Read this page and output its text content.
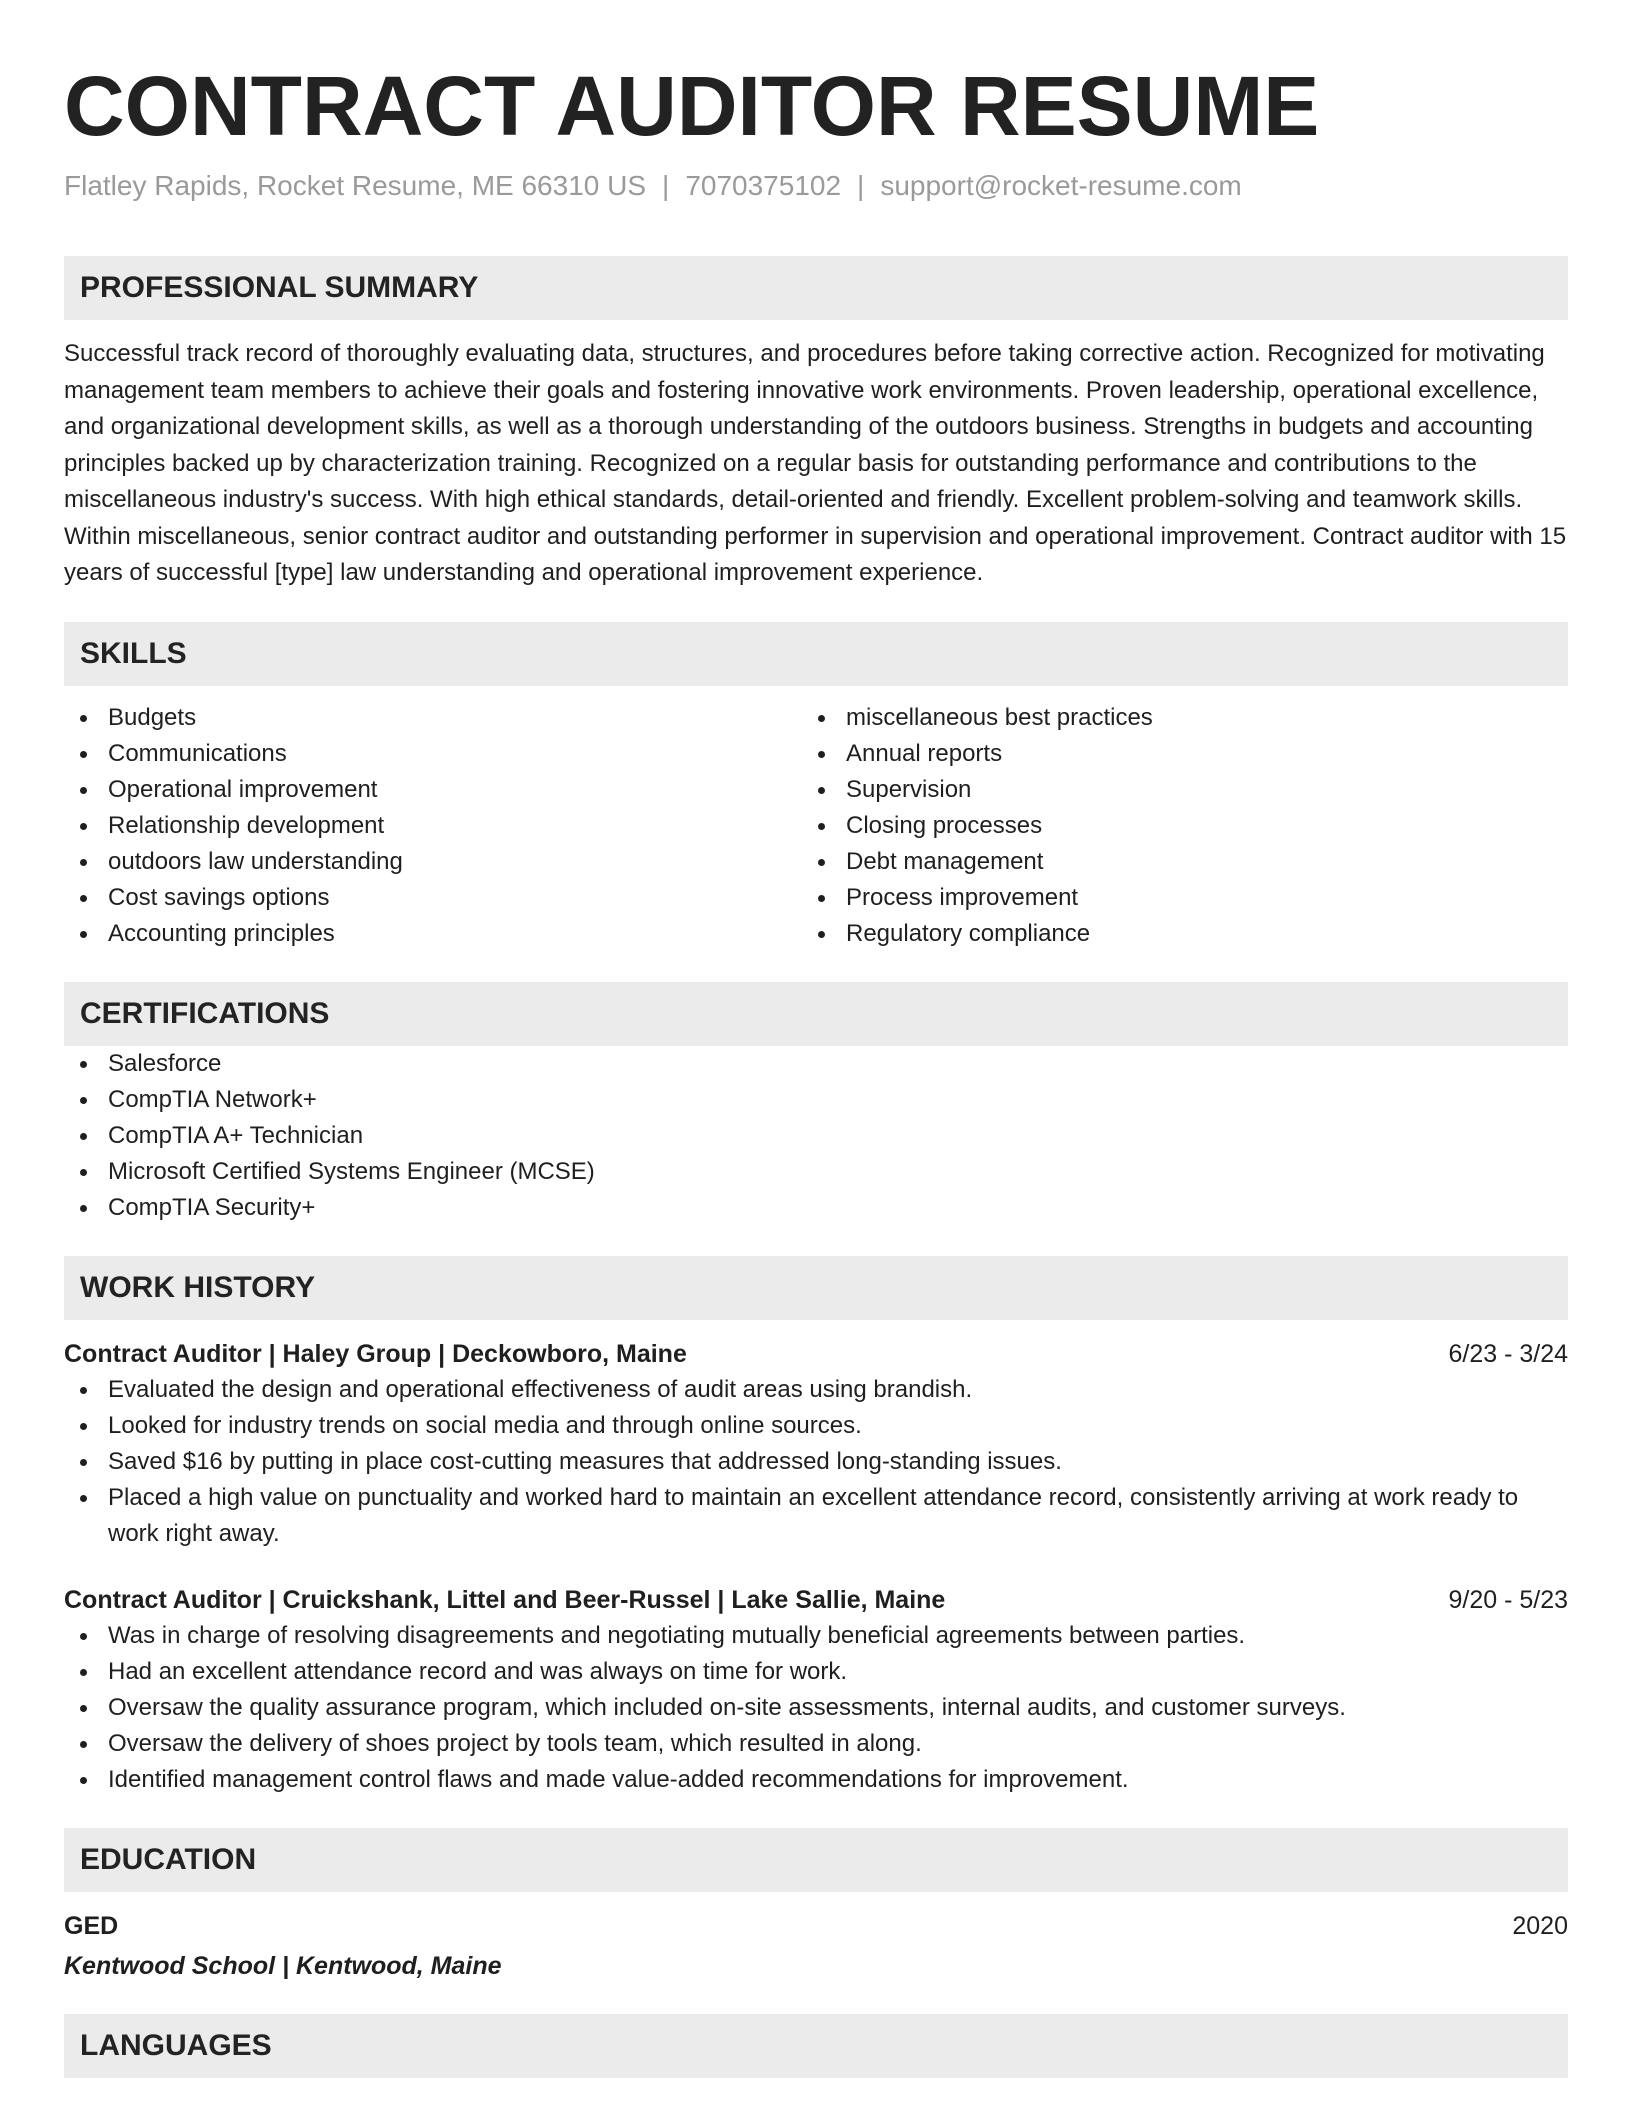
CONTRACT AUDITOR RESUME
Flatley Rapids, Rocket Resume, ME 66310 US | 7070375102 | support@rocket-resume.com
PROFESSIONAL SUMMARY

Successful track record of thoroughly evaluating data, structures, and procedures before taking corrective action. Recognized for motivating management team members to achieve their goals and fostering innovative work environments. Proven leadership, operational excellence, and organizational development skills, as well as a thorough understanding of the outdoors business. Strengths in budgets and accounting principles backed up by characterization training. Recognized on a regular basis for outstanding performance and contributions to the miscellaneous industry's success. With high ethical standards, detail-oriented and friendly. Excellent problem-solving and teamwork skills. Within miscellaneous, senior contract auditor and outstanding performer in supervision and operational improvement. Contract auditor with 15 years of successful [type] law understanding and operational improvement experience.

SKILLS
Budgets
Communications
Operational improvement
Relationship development
outdoors law understanding
Cost savings options
Accounting principles
miscellaneous best practices
Annual reports
Supervision
Closing processes
Debt management
Process improvement
Regulatory compliance
CERTIFICATIONS
Salesforce
CompTIA Network+
CompTIA A+ Technician
Microsoft Certified Systems Engineer (MCSE)
CompTIA Security+
WORK HISTORY
Contract Auditor | Haley Group | Deckowboro, Maine	6/23 - 3/24
Evaluated the design and operational effectiveness of audit areas using brandish.
Looked for industry trends on social media and through online sources.
Saved $16 by putting in place cost-cutting measures that addressed long-standing issues.
Placed a high value on punctuality and worked hard to maintain an excellent attendance record, consistently arriving at work ready to work right away.
Contract Auditor | Cruickshank, Littel and Beer-Russel | Lake Sallie, Maine	9/20 - 5/23
Was in charge of resolving disagreements and negotiating mutually beneficial agreements between parties.
Had an excellent attendance record and was always on time for work.
Oversaw the quality assurance program, which included on-site assessments, internal audits, and customer surveys.
Oversaw the delivery of shoes project by tools team, which resulted in along.
Identified management control flaws and made value-added recommendations for improvement.
EDUCATION
GED	2020
Kentwood School | Kentwood, Maine
LANGUAGES
